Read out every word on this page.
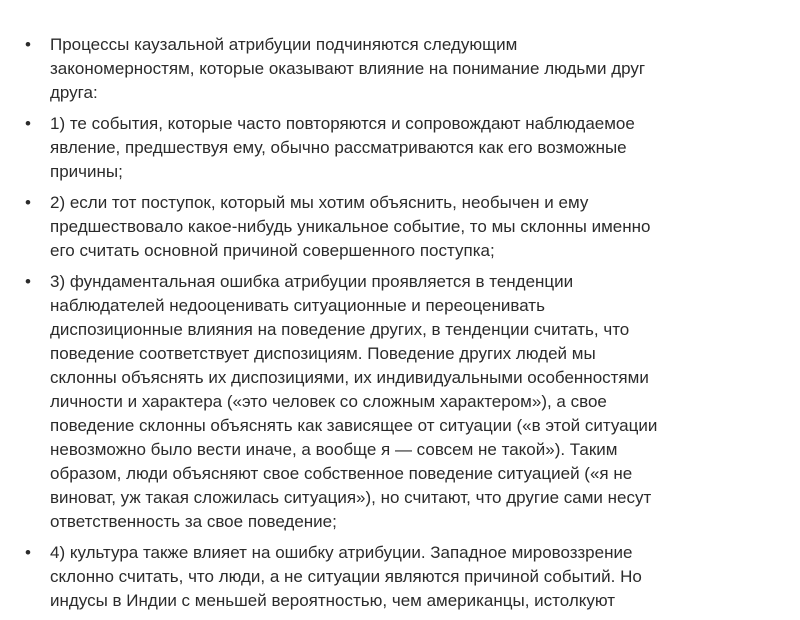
• Процессы каузальной атрибуции подчиняются следующим
закономерностям, которые оказывают влияние на понимание людьми друг
друга:
• 1) те события, которые часто повторяются и сопровождают наблюдаемое
явление, предшествуя ему, обычно рассматриваются как его возможные
причины;
• 2) если тот поступок, который мы хотим объяснить, необычен и ему
предшествовало какое-нибудь уникальное событие, то мы склонны именно
его считать основной причиной совершенного поступка;
• 3) фундаментальная ошибка атрибуции проявляется в тенденции
наблюдателей недооценивать ситуационные и переоценивать
диспозиционные влияния на поведение других, в тенденции считать, что
поведение соответствует диспозициям. Поведение других людей мы
склонны объяснять их диспозициями, их индивидуальными особенностями
личности и характера («это человек со сложным характером»), а свое
поведение склонны объяснять как зависящее от ситуации («в этой ситуации
невозможно было вести иначе, а вообще я — совсем не такой»). Таким
образом, люди объясняют свое собственное поведение ситуацией («я не
виноват, уж такая сложилась ситуация»), но считают, что другие сами несут
ответственность за свое поведение;
• 4) культура также влияет на ошибку атрибуции. Западное мировоззрение
склонно считать, что люди, а не ситуации являются причиной событий. Но
индусы в Индии с меньшей вероятностью, чем американцы, истолкуют
